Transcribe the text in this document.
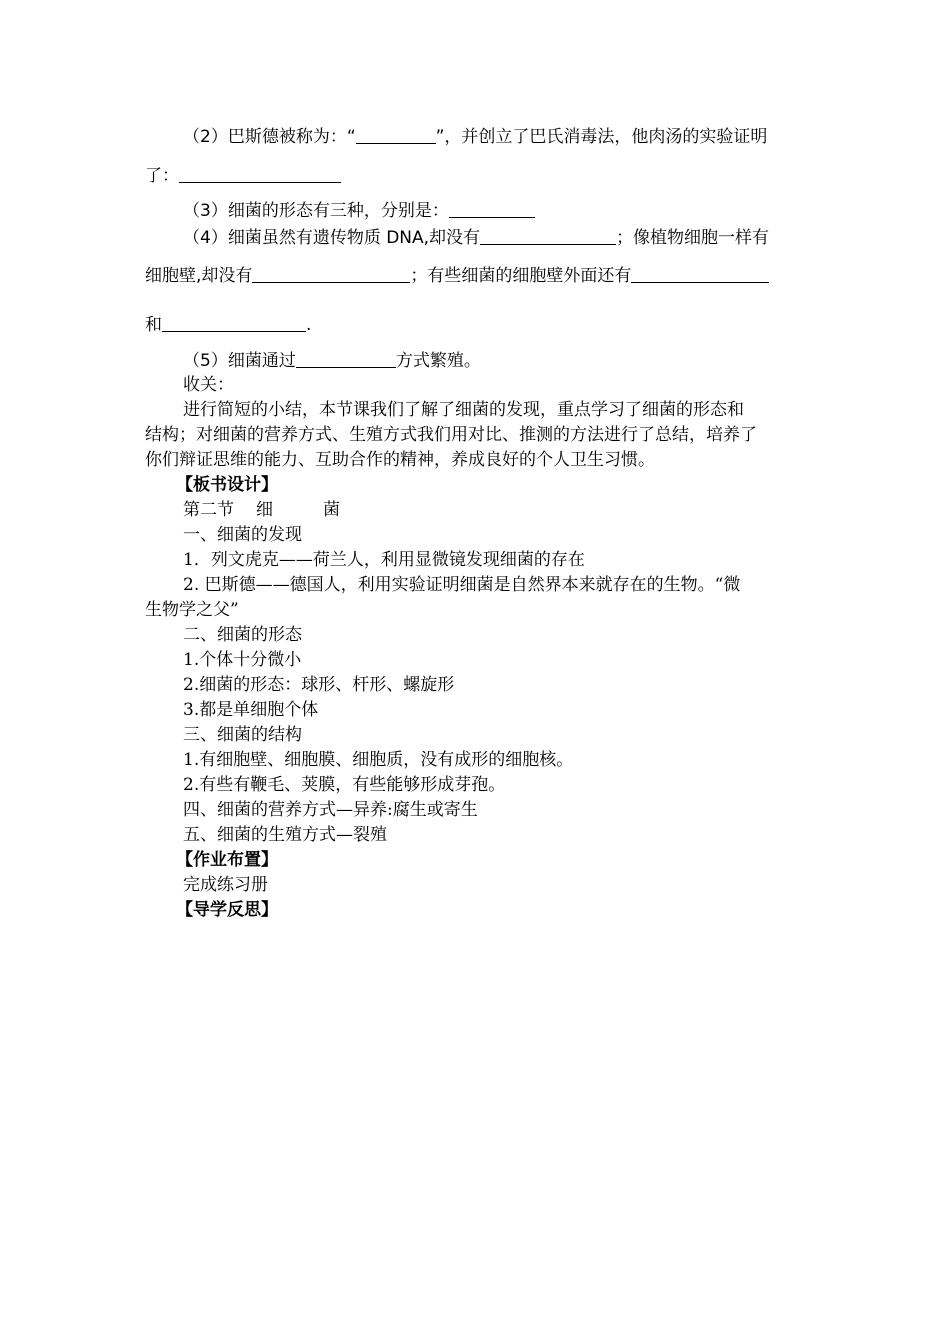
（2）巴斯德被称为：“	”，并创立了巴氏消毒法，他肉汤的实验证明
了：
（3）细菌的形态有三种，分别是：
（4）细菌虽然有遗传物质 DNA,却没有	；像植物细胞一样有
细胞壁,却没有	；有些细菌的细胞壁外面还有
和	.
（5）细菌通过	方式繁殖。
收关：
进行简短的小结，本节课我们了解了细菌的发现，重点学习了细菌的形态和
结构；对细菌的营养方式、生殖方式我们用对比、推测的方法进行了总结，培养了
你们辩证思维的能力、互助合作的精神，养成良好的个人卫生习惯。
【板书设计】
第二节 细	菌
一、细菌的发现
1．列文虎克——荷兰人，利用显微镜发现细菌的存在
2. 巴斯德——德国人，利用实验证明细菌是自然界本来就存在的生物。“微
生物学之父”
二、细菌的形态
1.个体十分微小
2.细菌的形态：球形、杆形、螺旋形
3.都是单细胞个体
三、细菌的结构
1.有细胞壁、细胞膜、细胞质，没有成形的细胞核。
2.有些有鞭毛、荚膜，有些能够形成芽孢。
四、细菌的营养方式—异养:腐生或寄生
五、细菌的生殖方式—裂殖
【作业布置】
完成练习册
【导学反思】
